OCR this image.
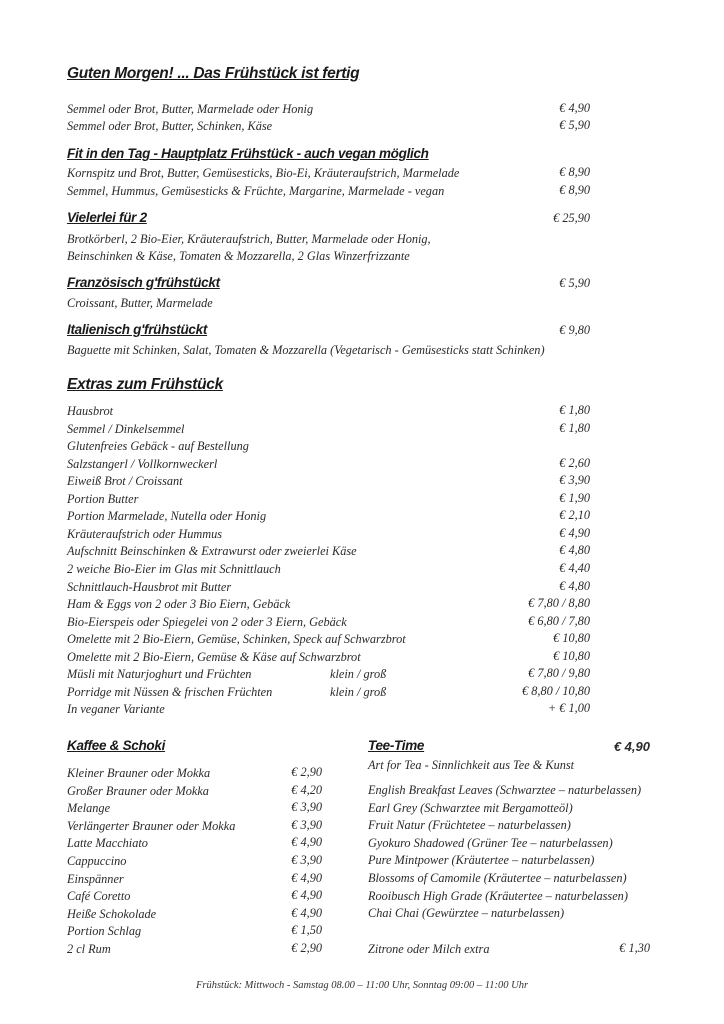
Guten Morgen! ... Das Frühstück ist fertig
Semmel oder Brot, Butter, Marmelade oder Honig	€ 4,90
Semmel oder Brot, Butter, Schinken, Käse	€ 5,90
Fit in den Tag - Hauptplatz Frühstück - auch vegan möglich
Kornspitz und Brot, Butter, Gemüsesticks, Bio-Ei, Kräuteraufstrich, Marmelade	€ 8,90
Semmel, Hummus, Gemüsesticks & Früchte, Margarine, Marmelade - vegan	€ 8,90
Vielerlei für 2	€ 25,90
Brotkörberl, 2 Bio-Eier, Kräuteraufstrich, Butter, Marmelade oder Honig,
Beinschinken & Käse, Tomaten & Mozzarella, 2 Glas Winzerfrizzante
Französisch g'frühstückt	€ 5,90
Croissant, Butter, Marmelade
Italienisch g'frühstückt	€ 9,80
Baguette mit Schinken, Salat, Tomaten & Mozzarella (Vegetarisch - Gemüsesticks statt Schinken)
Extras zum Frühstück
Hausbrot	€ 1,80
Semmel / Dinkelsemmel	€ 1,80
Glutenfreies Gebäck - auf Bestellung
Salzstangerl / Vollkornweckerl	€ 2,60
Eiweiß Brot / Croissant	€ 3,90
Portion Butter	€ 1,90
Portion Marmelade, Nutella oder Honig	€ 2,10
Kräuteraufstrich oder Hummus	€ 4,90
Aufschnitt Beinschinken & Extrawurst oder zweierlei Käse	€ 4,80
2 weiche Bio-Eier im Glas mit Schnittlauch	€ 4,40
Schnittlauch-Hausbrot mit Butter	€ 4,80
Ham & Eggs von 2 oder 3 Bio Eiern, Gebäck	€ 7,80 / 8,80
Bio-Eierspeis oder Spiegelei von 2 oder 3 Eiern, Gebäck	€ 6,80 / 7,80
Omelette mit 2 Bio-Eiern, Gemüse, Schinken, Speck auf Schwarzbrot	€ 10,80
Omelette mit 2 Bio-Eiern, Gemüse & Käse auf Schwarzbrot	€ 10,80
Müsli mit Naturjoghurt und Früchten	klein / groß	€ 7,80 / 9,80
Porridge mit Nüssen & frischen Früchten	klein / groß	€ 8,80 / 10,80
In veganer Variante	+ € 1,00
Kaffee & Schoki
Kleiner Brauner oder Mokka	€ 2,90
Großer Brauner oder Mokka	€ 4,20
Melange	€ 3,90
Verlängerter Brauner oder Mokka	€ 3,90
Latte Macchiato	€ 4,90
Cappuccino	€ 3,90
Einspänner	€ 4,90
Café Coretto	€ 4,90
Heiße Schokolade	€ 4,90
Portion Schlag	€ 1,50
2 cl Rum	€ 2,90
Tee-Time	€ 4,90
Art for Tea - Sinnlichkeit aus Tee & Kunst
English Breakfast Leaves (Schwarztee – naturbelassen)
Earl Grey (Schwarztee mit Bergamotteöl)
Fruit Natur (Früchtetee – naturbelassen)
Gyokuro Shadowed (Grüner Tee – naturbelassen)
Pure Mintpower (Kräutertee – naturbelassen)
Blossoms of Camomile (Kräutertee – naturbelassen)
Rooibusch High Grade (Kräutertee – naturbelassen)
Chai Chai (Gewürztee – naturbelassen)
Zitrone oder Milch extra	€ 1,30
Frühstück: Mittwoch - Samstag 08.00 – 11:00 Uhr, Sonntag 09:00 – 11:00 Uhr
